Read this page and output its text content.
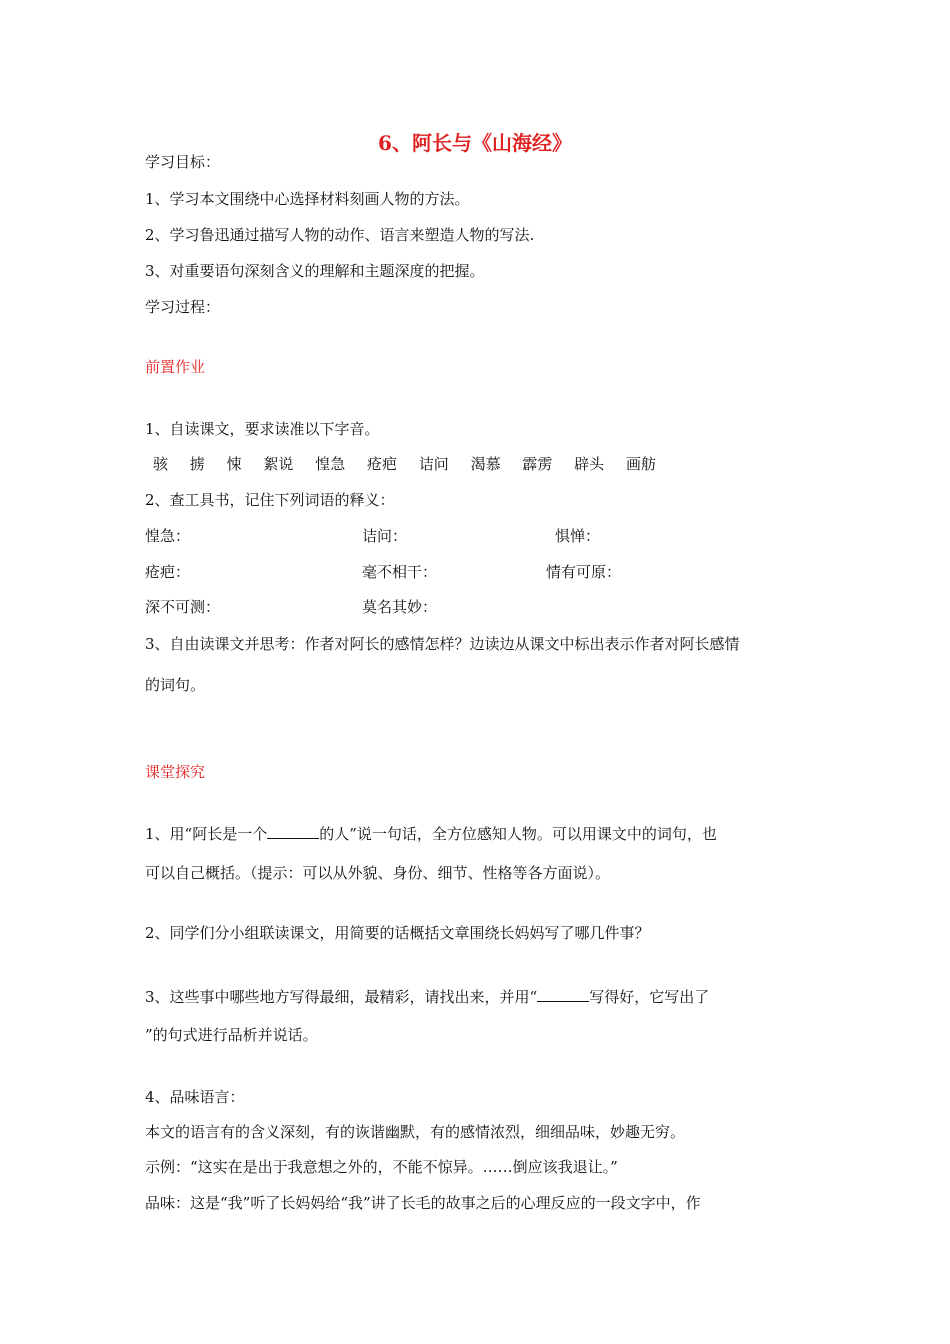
6、阿长与《山海经》
学习目标：
1、学习本文围绕中心选择材料刻画人物的方法。
2、学习鲁迅通过描写人物的动作、语言来塑造人物的写法.
3、对重要语句深刻含义的理解和主题深度的把握。
学习过程：
前置作业
1、自读课文，要求读准以下字音。
骇 掳 悚 絮说 惶急 疮疤 诘问 渴慕 霹雳 辟头 画舫
2、查工具书，记住下列词语的释义：
惶急：	诘问：	惧惮：
疮疤：	毫不相干：	情有可原：
深不可测：	莫名其妙：
3、自由读课文并思考：作者对阿长的感情怎样？边读边从课文中标出表示作者对阿长感情
的词句。
课堂探究
1、用“阿长是一个	的人”说一句话，全方位感知人物。可以用课文中的词句，也
可以自己概括。（提示：可以从外貌、身份、细节、性格等各方面说）。
2、同学们分小组联读课文，用简要的话概括文章围绕长妈妈写了哪几件事？
3、这些事中哪些地方写得最细，最精彩，请找出来，并用“	写得好，它写出了
”的句式进行品析并说话。
4、品味语言：
本文的语言有的含义深刻，有的诙谐幽默，有的感情浓烈，细细品味，妙趣无穷。
示例：“这实在是出于我意想之外的，不能不惊异。……倒应该我退让。”
品味：这是“我”听了长妈妈给“我”讲了长毛的故事之后的心理反应的一段文字中，作
